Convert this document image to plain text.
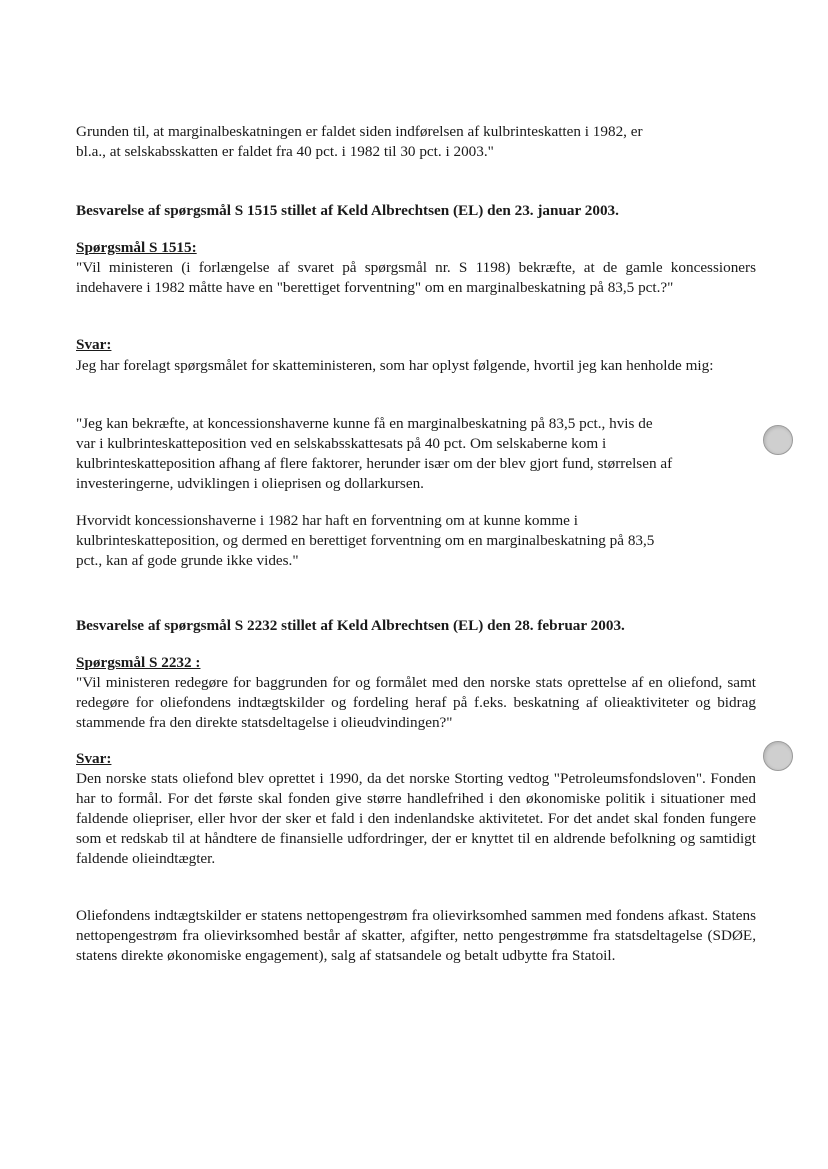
Grunden til, at marginalbeskatningen er faldet siden indførelsen af kulbrinteskatten i 1982, er

bl.a., at selskabsskatten er faldet fra 40 pct. i 1982 til 30 pct. i 2003."

Besvarelse af spørgsmål S 1515 stillet af Keld Albrechtsen (EL) den 23. januar 2003.

Spørgsmål S 1515:

"Vil ministeren (i forlængelse af svaret på spørgsmål nr. S 1198) bekræfte, at de gamle koncessioners indehavere i 1982 måtte have en "berettiget forventning" om en marginalbeskatning på 83,5 pct.?"

Svar:

Jeg har forelagt spørgsmålet for skatteministeren, som har oplyst følgende, hvortil jeg kan henholde mig:

"Jeg kan bekræfte, at koncessionshaverne kunne få en marginalbeskatning på 83,5 pct., hvis de

var i kulbrinteskatteposition ved en selskabsskattesats på 40 pct. Om selskaberne kom i

kulbrinteskatteposition afhang af flere faktorer, herunder især om der blev gjort fund, størrelsen af

investeringerne, udviklingen i olieprisen og dollarkursen.

Hvorvidt koncessionshaverne i 1982 har haft en forventning om at kunne komme i

kulbrinteskatteposition, og dermed en berettiget forventning om en marginalbeskatning på 83,5

pct., kan af gode grunde ikke vides."

Besvarelse af spørgsmål S 2232 stillet af Keld Albrechtsen (EL) den 28. februar 2003.

Spørgsmål S 2232 :

"Vil ministeren redegøre for baggrunden for og formålet med den norske stats oprettelse af en oliefond, samt redegøre for oliefondens indtægtskilder og fordeling heraf på f.eks. beskatning af olieaktiviteter og bidrag stammende fra den direkte statsdeltagelse i olieudvindingen?"

Svar:

Den norske stats oliefond blev oprettet i 1990, da det norske Storting vedtog "Petroleumsfondsloven". Fonden har to formål. For det første skal fonden give større handlefrihed i den økonomiske politik i situationer med faldende oliepriser, eller hvor der sker et fald i den indenlandske aktivitetet. For det andet skal fonden fungere som et redskab til at håndtere de finansielle udfordringer, der er knyttet til en aldrende befolkning og samtidigt faldende olieindtægter.

Oliefondens indtægtskilder er statens nettopengestrøm fra olievirksomhed sammen med fondens afkast. Statens nettopengestrøm fra olievirksomhed består af skatter, afgifter, netto pengestrømme fra statsdeltagelse (SDØE, statens direkte økonomiske engagement), salg af statsandele og betalt udbytte fra Statoil.
